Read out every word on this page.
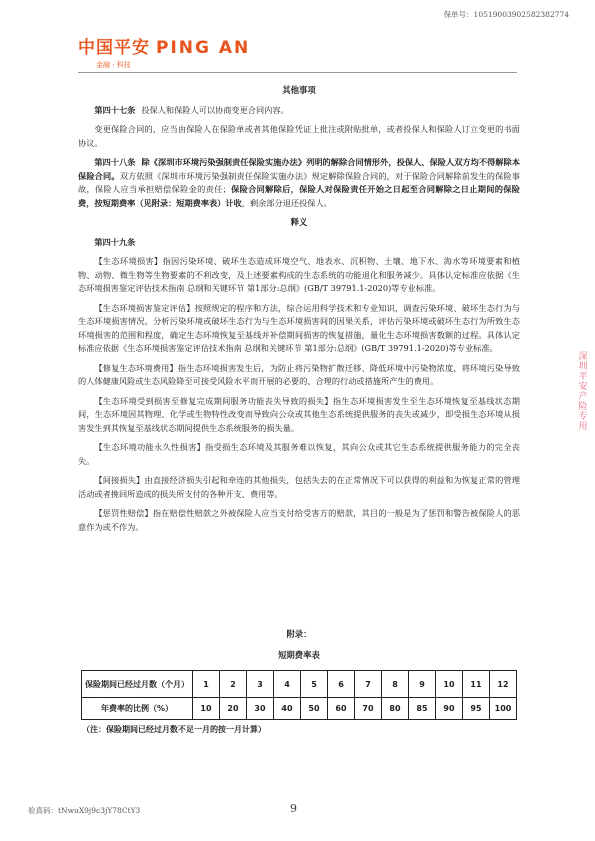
保单号：10519003902582382774
中国平安 PING AN
金融 · 科技
其他事项

第四十七条 投保人和保险人可以协商变更合同内容。

变更保险合同的，应当由保险人在保险单或者其他保险凭证上批注或附贴批单，或者投保人和保险人订立变更的书面协议。

第四十八条 除《深圳市环境污染强制责任保险实施办法》列明的解除合同情形外，投保人、保险人双方均不得解除本保险合同。双方依照《深圳市环境污染强制责任保险实施办法》规定解除保险合同的，对于保险合同解除前发生的保险事故，保险人应当承担赔偿保险金的责任；保险合同解除后，保险人对保险责任开始之日起至合同解除之日止期间的保险费，按短期费率（见附录：短期费率表）计收，剩余部分退还投保人。

释义

第四十九条

【生态环境损害】指因污染环境、破坏生态造成环境空气、地表水、沉积物、土壤、地下水、海水等环境要素和植物、动物、微生物等生物要素的不利改变，及上述要素构成的生态系统的功能退化和服务减少。具体认定标准应依据《生态环境损害鉴定评估技术指南 总纲和关键环节 第1部分:总纲》(GB/T 39791.1-2020)等专业标准。

【生态环境损害鉴定评估】按照规定的程序和方法，综合运用科学技术和专业知识，调查污染环境、破坏生态行为与生态环境损害情况，分析污染环境或破坏生态行为与生态环境损害间的因果关系，评估污染环境或破坏生态行为所致生态环境损害的范围和程度，确定生态环境恢复至基线并补偿期间损害的恢复措施，量化生态环境损害数额的过程。具体认定标准应依据《生态环境损害鉴定评估技术指南 总纲和关键环节 第1部分:总纲》(GB/T 39791.1-2020)等专业标准。

【修复生态环境费用】指生态环境损害发生后，为防止将污染物扩散迁移、降低环境中污染物浓度，将环境污染导致的人体健康风险或生态风险降至可接受风险水平而开展的必要的、合理的行动或措施所产生的费用。

【生态环境受到损害至修复完成期间服务功能丧失导致的损失】指生态环境损害发生至生态环境恢复至基线状态期间，生态环境因其物理、化学或生物特性改变而导致向公众或其他生态系统提供服务的丧失或减少，即受损生态环境从损害发生到其恢复至基线状态期间提供生态系统服务的损失量。

【生态环境功能永久性损害】指受损生态环境及其服务难以恢复，其向公众或其它生态系统提供服务能力的完全丧失。

【间接损失】由直接经济损失引起和牵连的其他损失，包括失去的在正常情况下可以获得的利益和为恢复正常的管理活动或者挽回所造成的损失所支付的各种开支、费用等。

【惩罚性赔偿】指在赔偿性赔款之外被保险人应当支付给受害方的赔款，其目的一般是为了惩罚和警告被保险人的恶意作为或不作为。

附录：
短期费率表
保险期间已经过月数（个月）	1	2	3	4	5	6	7	8	9	10	11	12
年费率的比例（%）	10	20	30	40	50	60	70	80	85	90	95	100
（注：保险期间已经过月数不足一月的按一月计算）
验真码：tNwuX9j9c3jY78CtY3	9
深圳平安产险专用
